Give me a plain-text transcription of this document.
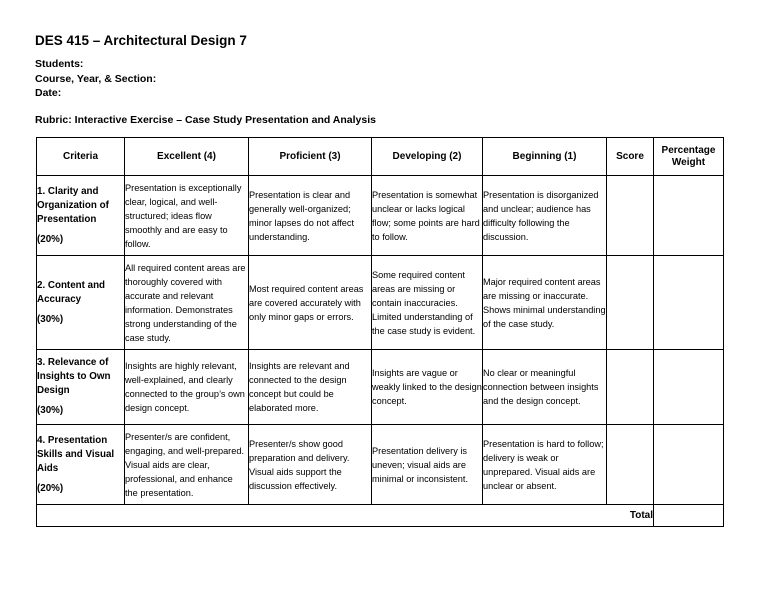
DES 415 – Architectural Design 7
Students:
Course, Year, & Section:
Date:
Rubric: Interactive Exercise – Case Study Presentation and Analysis
Criteria	Excellent (4)	Proficient (3)	Developing (2)	Beginning (1)	Score	Percentage Weight
1. Clarity and Organization of Presentation
(20%)	Presentation is exceptionally clear, logical, and well-structured; ideas flow smoothly and are easy to follow.	Presentation is clear and generally well-organized; minor lapses do not affect understanding.	Presentation is somewhat unclear or lacks logical flow; some points are hard to follow.	Presentation is disorganized and unclear; audience has difficulty following the discussion.		
2. Content and Accuracy
(30%)	All required content areas are thoroughly covered with accurate and relevant information. Demonstrates strong understanding of the case study.	Most required content areas are covered accurately with only minor gaps or errors.	Some required content areas are missing or contain inaccuracies. Limited understanding of the case study is evident.	Major required content areas are missing or inaccurate. Shows minimal understanding of the case study.		
3. Relevance of Insights to Own Design
(30%)	Insights are highly relevant, well-explained, and clearly connected to the group’s own design concept.	Insights are relevant and connected to the design concept but could be elaborated more.	Insights are vague or weakly linked to the design concept.	No clear or meaningful connection between insights and the design concept.		
4. Presentation Skills and Visual Aids
(20%)	Presenter/s are confident, engaging, and well-prepared. Visual aids are clear, professional, and enhance the presentation.	Presenter/s show good preparation and delivery. Visual aids support the discussion effectively.	Presentation delivery is uneven; visual aids are minimal or inconsistent.	Presentation is hard to follow; delivery is weak or unprepared. Visual aids are unclear or absent.		
Total						
